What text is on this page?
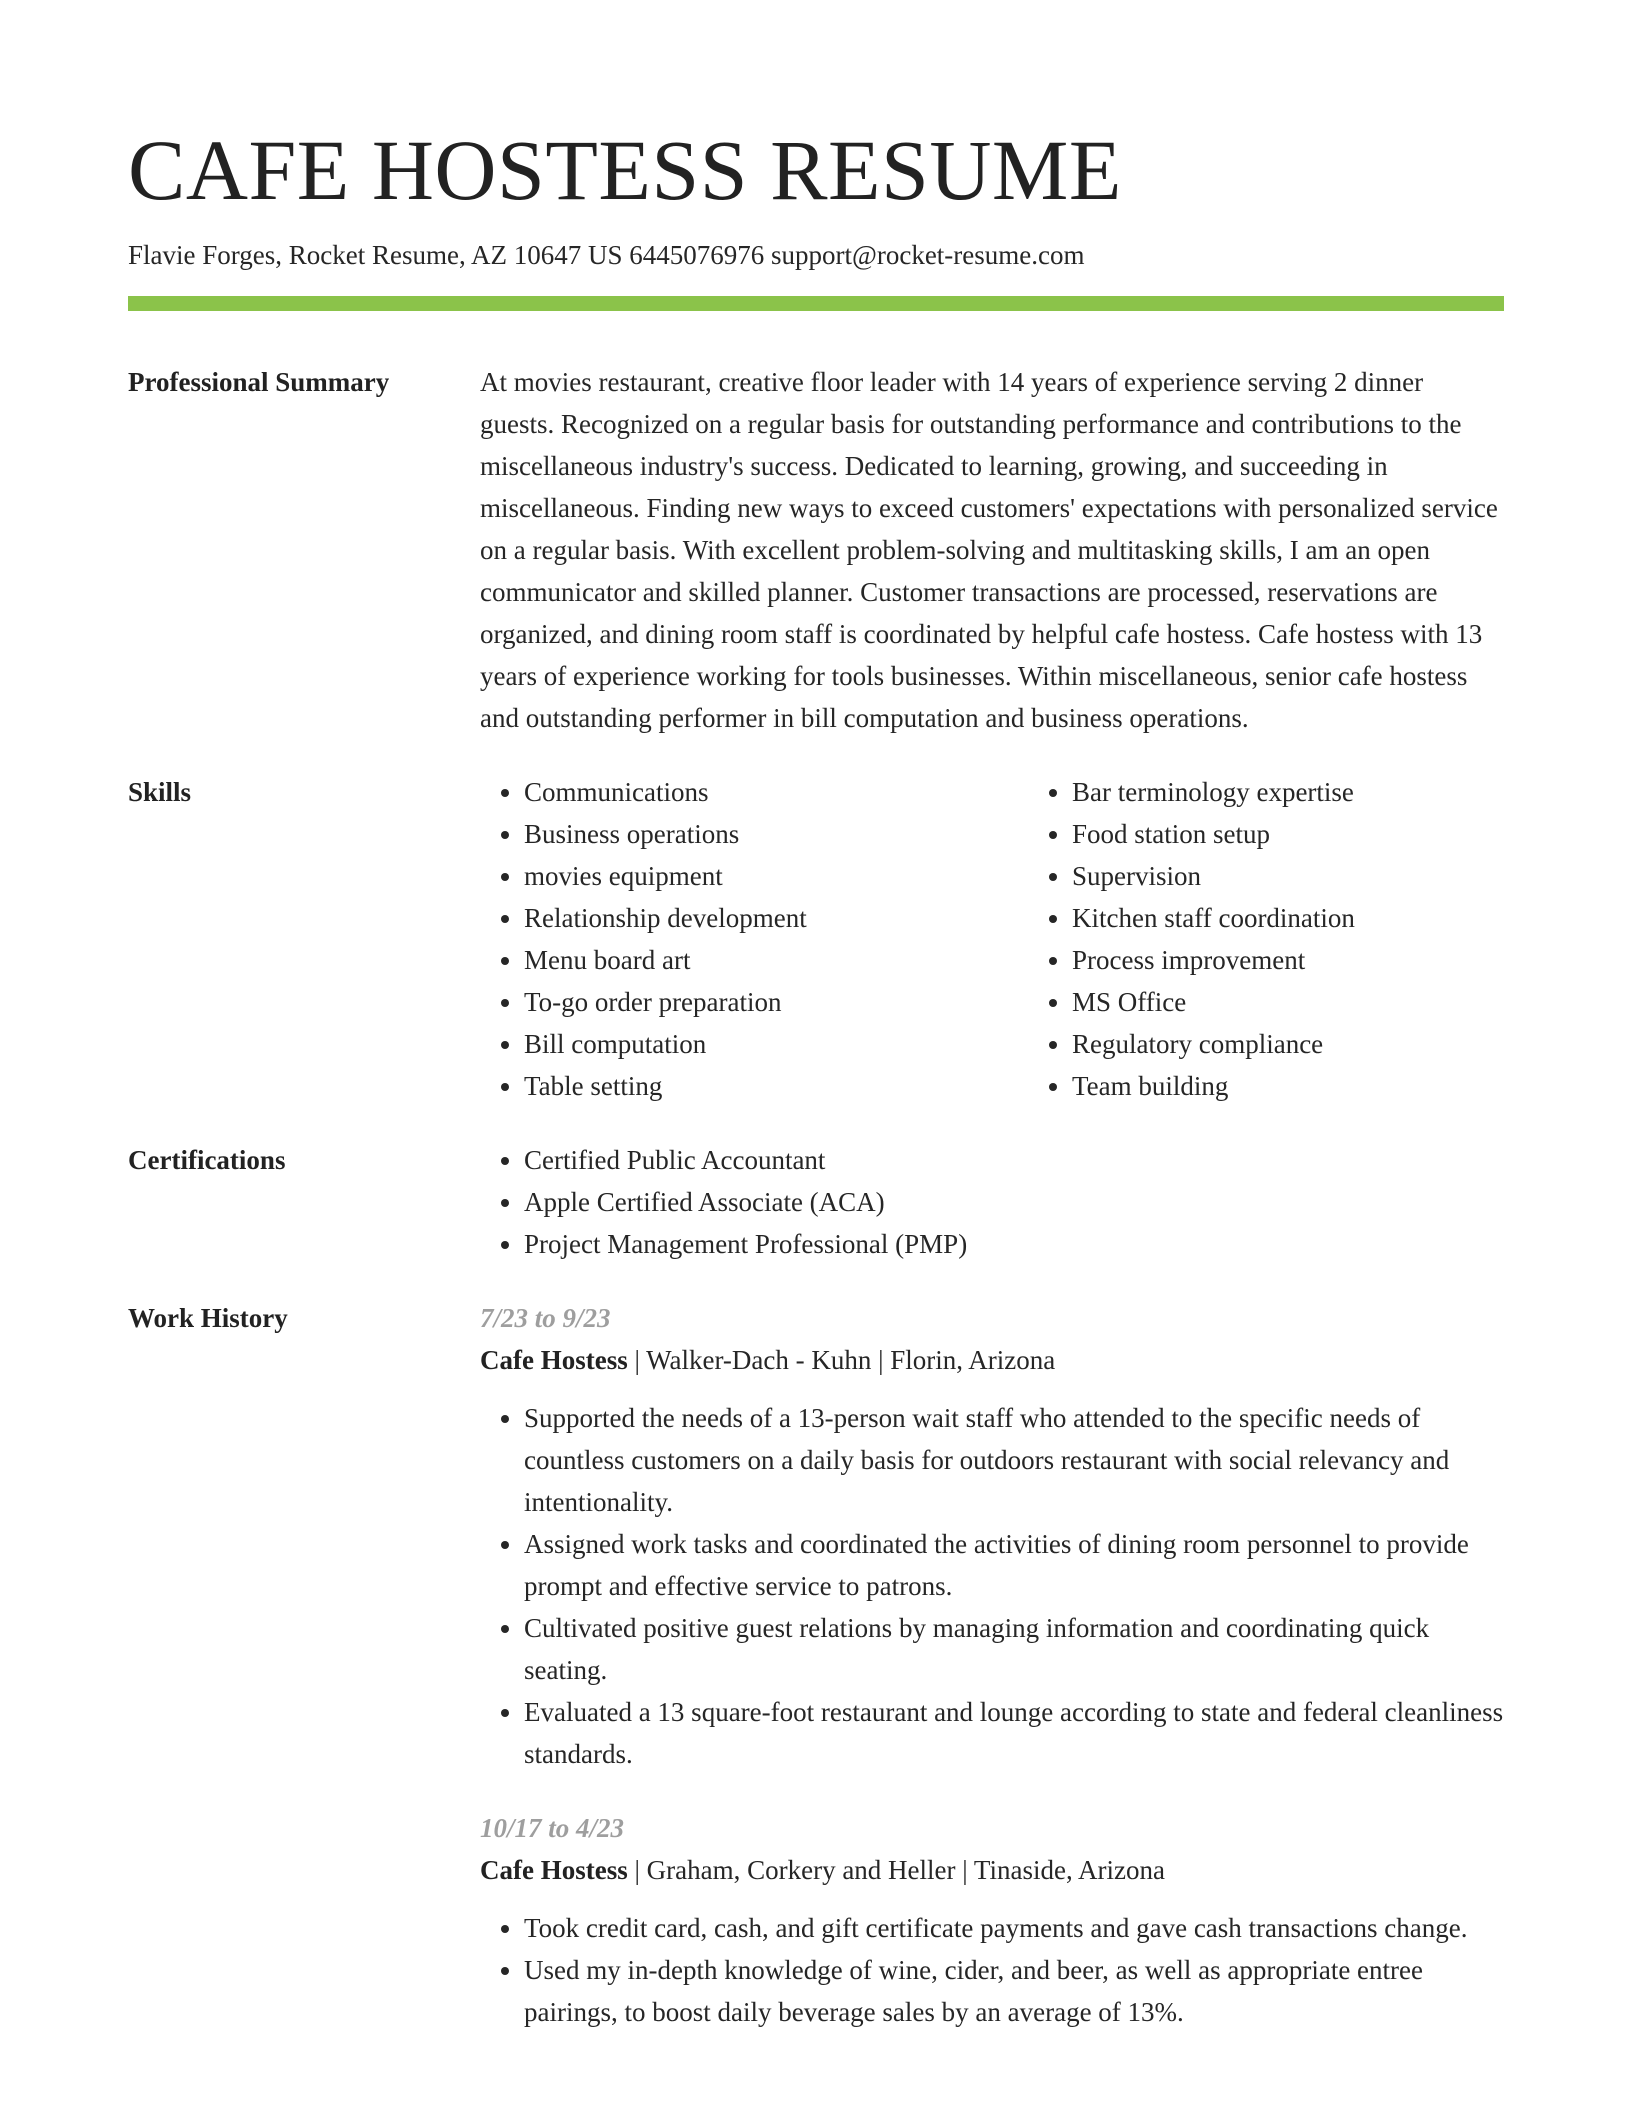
CAFE HOSTESS RESUME
Flavie Forges, Rocket Resume, AZ 10647 US 6445076976 support@rocket-resume.com
Professional Summary	At movies restaurant, creative floor leader with 14 years of experience serving 2 dinner guests. Recognized on a regular basis for outstanding performance and contributions to the miscellaneous industry's success. Dedicated to learning, growing, and succeeding in miscellaneous. Finding new ways to exceed customers' expectations with personalized service on a regular basis. With excellent problem-solving and multitasking skills, I am an open communicator and skilled planner. Customer transactions are processed, reservations are organized, and dining room staff is coordinated by helpful cafe hostess. Cafe hostess with 13 years of experience working for tools businesses. Within miscellaneous, senior cafe hostess and outstanding performer in bill computation and business operations.

Skills	• Communications
• Business operations
• movies equipment
• Relationship development
• Menu board art
• To-go order preparation
• Bill computation
• Table setting
• Bar terminology expertise
• Food station setup
• Supervision
• Kitchen staff coordination
• Process improvement
• MS Office
• Regulatory compliance
• Team building
Certifications	• Certified Public Accountant
• Apple Certified Associate (ACA)
• Project Management Professional (PMP)
Work History	7/23 to 9/23
Cafe Hostess | Walker-Dach - Kuhn | Florin, Arizona
• Supported the needs of a 13-person wait staff who attended to the specific needs of countless customers on a daily basis for outdoors restaurant with social relevancy and intentionality.
• Assigned work tasks and coordinated the activities of dining room personnel to provide prompt and effective service to patrons.
• Cultivated positive guest relations by managing information and coordinating quick seating.
• Evaluated a 13 square-foot restaurant and lounge according to state and federal cleanliness standards.
10/17 to 4/23
Cafe Hostess | Graham, Corkery and Heller | Tinaside, Arizona
• Took credit card, cash, and gift certificate payments and gave cash transactions change.
• Used my in-depth knowledge of wine, cider, and beer, as well as appropriate entree pairings, to boost daily beverage sales by an average of 13%.
